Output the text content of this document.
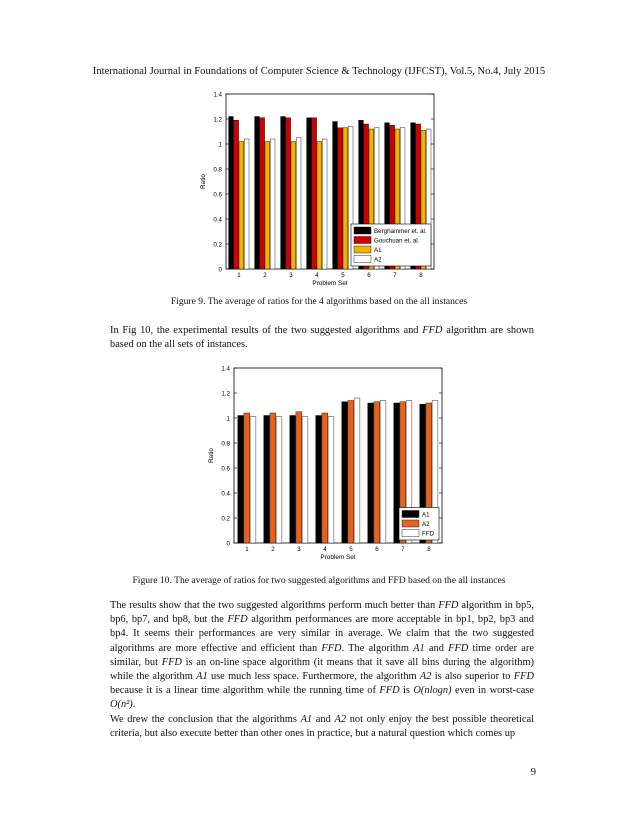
International Journal in Foundations of Computer Science & Technology (IJFCST), Vol.5, No.4, July 2015
0
0.2
0.4
0.6
0.8
1
1.2
1.4
1	2	3	4	5	6	7	8
Problem Set
Ratio
Berghammer et. al.
Gouchuan et. al.
A1
A2
Figure 9. The average of ratios for the 4 algorithms based on the all instances

In Fig 10, the experimental results of the two suggested algorithms and FFD algorithm are shown based on the all sets of instances.

0
0.2
0.4
0.6
0.8
1
1.2
1.4
1	2	3	4	5	6	7	8
Problem Set
Ratio
A1
A2
FFD
Figure 10. The average of ratios for two suggested algorithms and FFD based on the all instances

The results show that the two suggested algorithms perform much better than FFD algorithm in bp5, bp6, bp7, and bp8, but the FFD algorithm performances are more acceptable in bp1, bp2, bp3 and bp4. It seems their performances are very similar in average. We claim that the two suggested algorithms are more effective and efficient than FFD. The algorithm A1 and FFD time order are similar, but FFD is an on-line space algorithm (it means that it save all bins during the algorithm) while the algorithm A1 use much less space. Furthermore, the algorithm A2 is also superior to FFD because it is a linear time algorithm while the running time of FFD is O(nlogn) even in worst-case O(n²).

We drew the conclusion that the algorithms A1 and A2 not only enjoy the best possible theoretical criteria, but also execute better than other ones in practice, but a natural question which comes up

9
